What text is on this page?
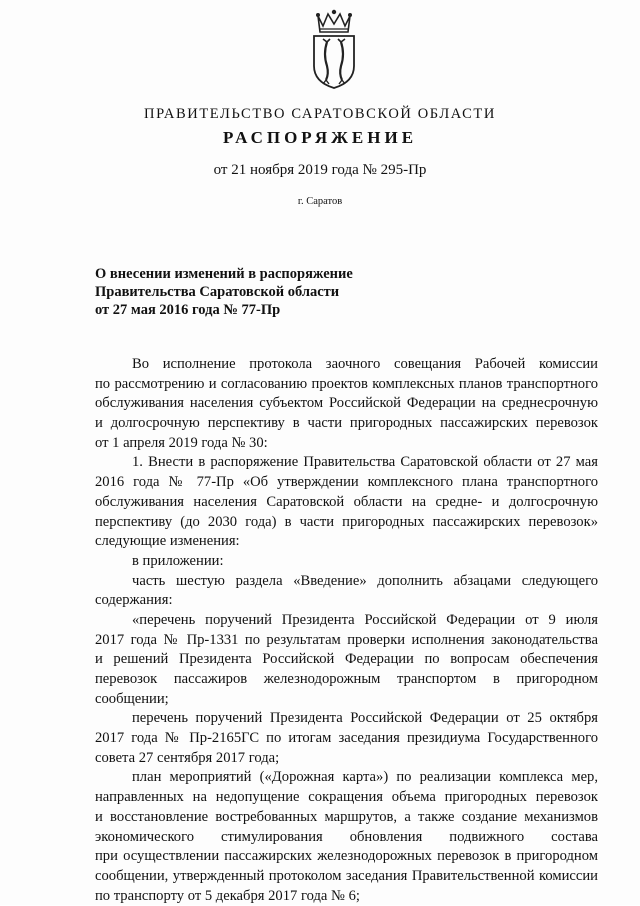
ПРАВИТЕЛЬСТВО САРАТОВСКОЙ ОБЛАСТИ
РАСПОРЯЖЕНИЕ
от 21 ноября 2019 года № 295-Пр
г. Саратов
О внесении изменений в распоряжение
Правительства Саратовской области
от 27 мая 2016 года № 77-Пр
Во исполнение протокола заочного совещания Рабочей комиссии
по рассмотрению и согласованию проектов комплексных планов транспортного
обслуживания населения субъектом Российской Федерации на среднесрочную
и долгосрочную перспективу в части пригородных пассажирских перевозок
от 1 апреля 2019 года № 30:
1. Внести в распоряжение Правительства Саратовской области от 27 мая
2016 года № 77-Пр «Об утверждении комплексного плана транспортного
обслуживания населения Саратовской области на средне- и долгосрочную
перспективу (до 2030 года) в части пригородных пассажирских перевозок»
следующие изменения:
в приложении:
часть шестую раздела «Введение» дополнить абзацами следующего
содержания:
«перечень поручений Президента Российской Федерации от 9 июля
2017 года № Пр-1331 по результатам проверки исполнения законодательства
и решений Президента Российской Федерации по вопросам обеспечения
перевозок пассажиров железнодорожным транспортом в пригородном
сообщении;
перечень поручений Президента Российской Федерации от 25 октября
2017 года № Пр-2165ГС по итогам заседания президиума Государственного
совета 27 сентября 2017 года;
план мероприятий («Дорожная карта») по реализации комплекса мер,
направленных на недопущение сокращения объема пригородных перевозок
и восстановление востребованных маршрутов, а также создание механизмов
экономического стимулирования обновления подвижного состава
при осуществлении пассажирских железнодорожных перевозок в пригородном
сообщении, утвержденный протоколом заседания Правительственной комиссии
по транспорту от 5 декабря 2017 года № 6;
